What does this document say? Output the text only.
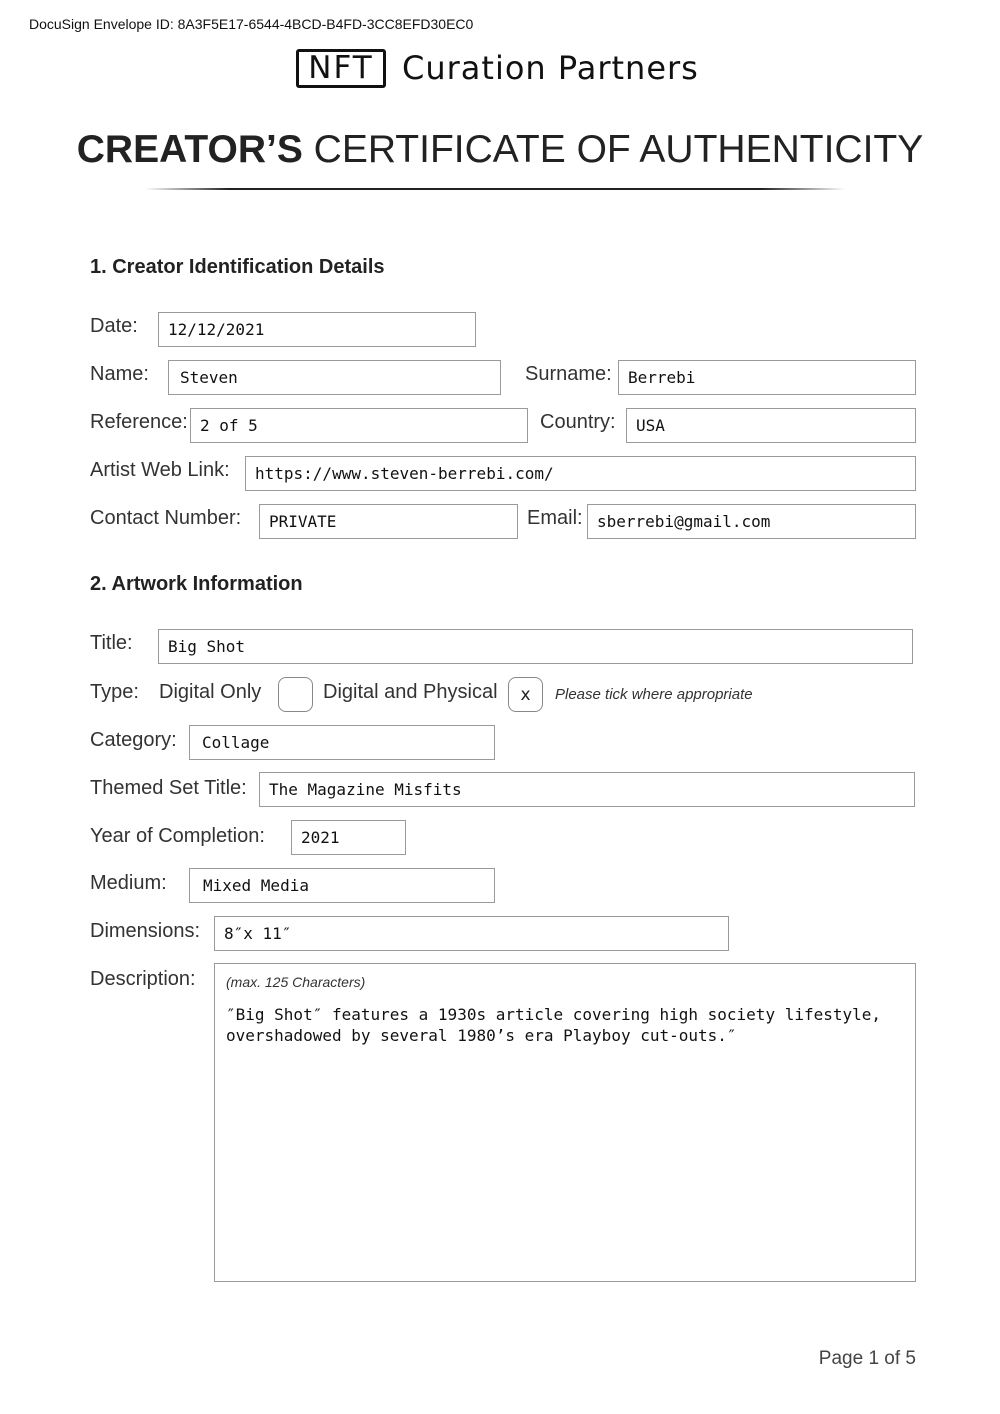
DocuSign Envelope ID: 8A3F5E17-6544-4BCD-B4FD-3CC8EFD30EC0
NFT Curation Partners
CREATOR’S CERTIFICATE OF AUTHENTICITY
1. Creator Identification Details
Date:	12/12/2021
Name:	Steven	Surname:	Berrebi
Reference: 2 of 5	Country:	USA
Artist Web Link:	https://www.steven-berrebi.com/
Contact Number:	PRIVATE	Email: sberrebi@gmail.com
2. Artwork Information
Title:	Big Shot
Type: Digital Only	Digital and Physical	x	Please tick where appropriate
Category:	Collage
Themed Set Title:	The Magazine Misfits
Year of Completion:	2021
Medium:	Mixed Media
Dimensions:	8″x 11″
Description: (max. 125 Characters)
″Big Shot″ features a 1930s article covering high society lifestyle, overshadowed by several 1980’s era Playboy cut-outs.″
Page 1 of 5
